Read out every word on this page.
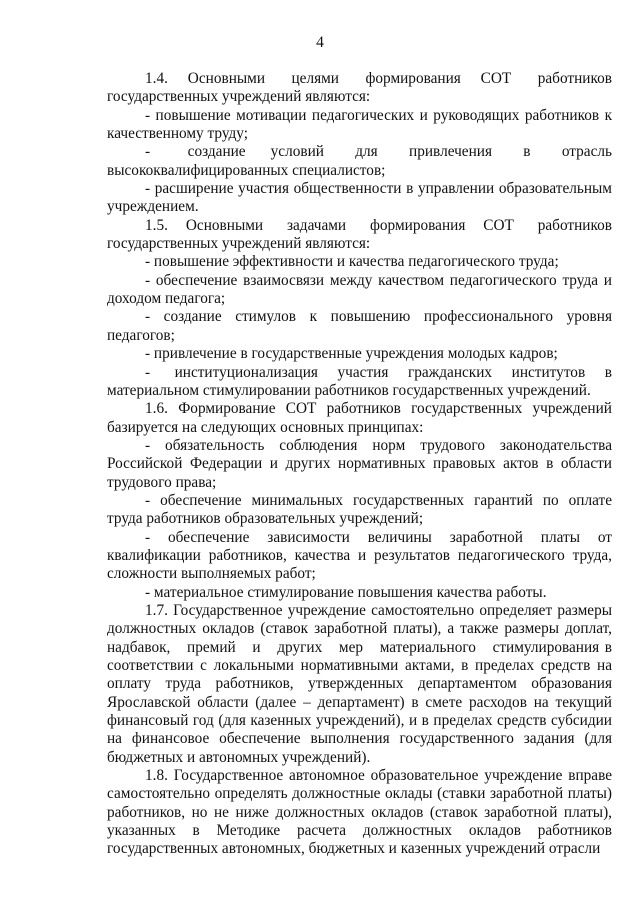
4

1.4.   Основными    целями    формирования   СОТ    работников государственных учреждений являются:

- повышение мотивации педагогических и руководящих работников к качественному труду;

-      создание    условий     для     привлечения     в     отрасль высококвалифицированных специалистов;

- расширение участия общественности в управлении образовательным учреждением.

1.5.   Основными    задачами    формирования   СОТ    работников государственных учреждений являются:

- повышение эффективности и качества педагогического труда;

- обеспечение взаимосвязи между качеством педагогического труда и доходом педагога;

-  создание  стимулов  к  повышению  профессионального  уровня педагогов;

- привлечение в государственные учреждения молодых кадров;

-     институционализация    участия    гражданских    институтов    в материальном стимулировании работников государственных учреждений.

1.6. Формирование СОТ работников государственных учреждений базируется на следующих основных принципах:

- обязательность соблюдения норм трудового законодательства Российской Федерации и других нормативных правовых актов в области трудового права;

- обеспечение минимальных государственных гарантий по оплате труда работников образовательных учреждений;

-   обеспечение   зависимости   величины   заработной   платы   от квалификации работников, качества и результатов педагогического труда, сложности выполняемых работ;

- материальное стимулирование повышения качества работы.

1.7. Государственное учреждение самостоятельно определяет размеры должностных окладов (ставок заработной платы), а также размеры доплат, надбавок,   премий   и   других   мер   материального   стимулирования в соответствии с локальными нормативными актами, в пределах средств на оплату труда работников, утвержденных департаментом образования Ярославской области (далее – департамент) в смете расходов на текущий финансовый год (для казенных учреждений), и в пределах средств субсидии на финансовое обеспечение выполнения государственного задания (для бюджетных и автономных учреждений).

1.8. Государственное автономное образовательное учреждение вправе самостоятельно определять должностные оклады (ставки заработной платы) работников, но не ниже должностных окладов (ставок заработной платы), указанных в Методике расчета должностных окладов работников государственных автономных, бюджетных и казенных учреждений отрасли
